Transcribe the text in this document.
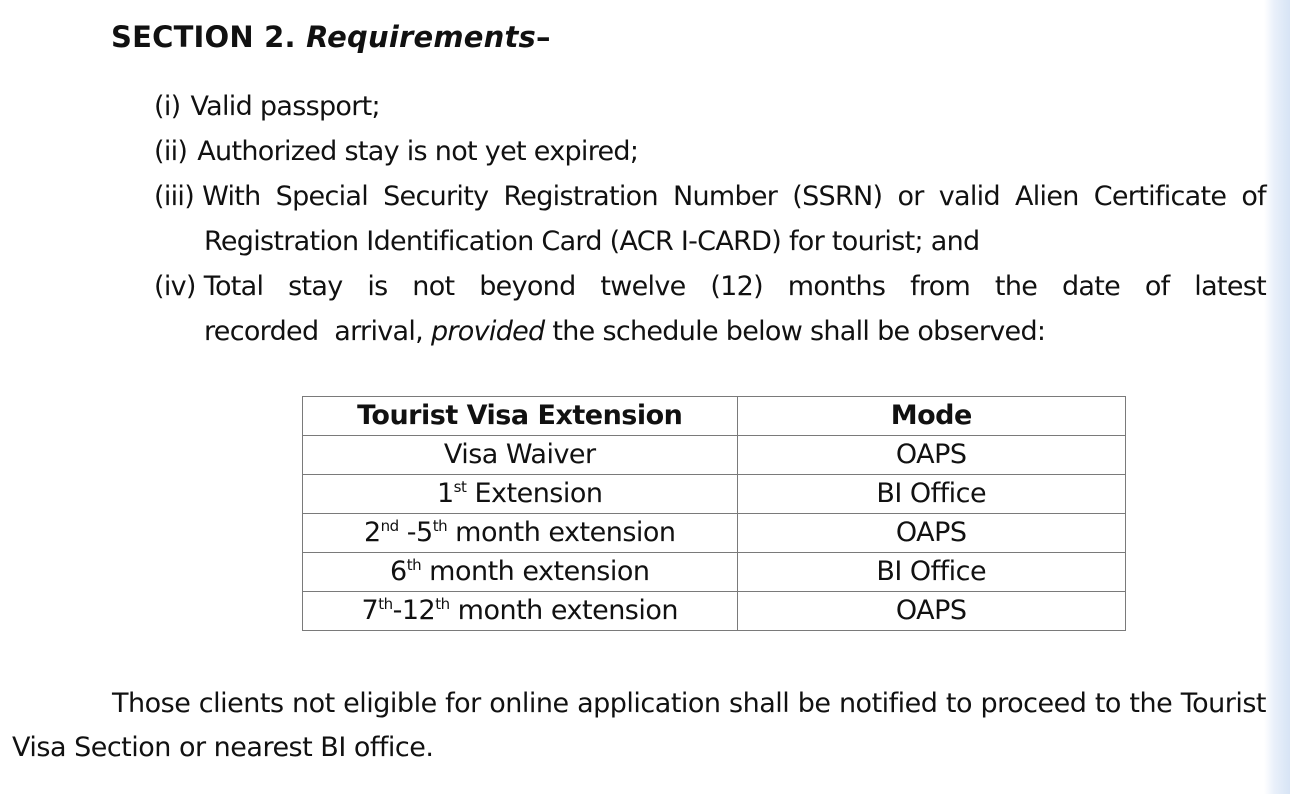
SECTION 2. Requirements–
(i) Valid passport;
(ii) Authorized stay is not yet expired;
(iii) With Special Security Registration Number (SSRN) or valid Alien Certificate of Registration Identification Card (ACR I-CARD) for tourist; and
(iv) Total stay is not beyond twelve (12) months from the date of latest recorded arrival, provided the schedule below shall be observed:
Tourist Visa Extension	Mode
Visa Waiver	OAPS
1st Extension	BI Office
2nd -5th month extension	OAPS
6th month extension	BI Office
7th-12th month extension	OAPS
Those clients not eligible for online application shall be notified to proceed to the Tourist Visa Section or nearest BI office.
